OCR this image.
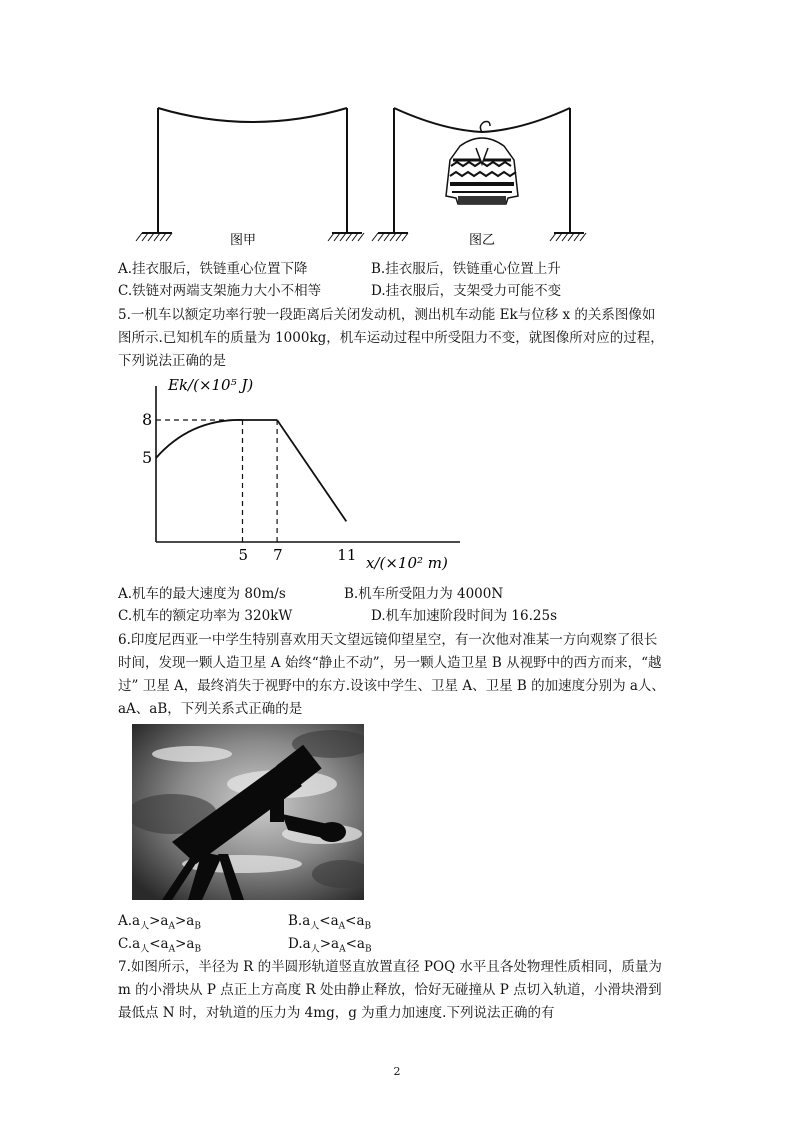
图甲	图乙
A.挂衣服后，铁链重心位置下降	B.挂衣服后，铁链重心位置上升
C.铁链对两端支架施力大小不相等	D.挂衣服后，支架受力可能不变
5.一机车以额定功率行驶一段距离后关闭发动机，测出机车动能 Ek与位移 x 的关系图像如
图所示.已知机车的质量为 1000kg，机车运动过程中所受阻力不变，就图像所对应的过程，
下列说法正确的是
Ek/(×10⁵ J)
x/(×10² m)
8
5
5 7	11
A.机车的最大速度为 80m/s	B.机车所受阻力为 4000N
C.机车的额定功率为 320kW	D.机车加速阶段时间为 16.25s
6.印度尼西亚一中学生特别喜欢用天文望远镜仰望星空，有一次他对准某一方向观察了很长
时间，发现一颗人造卫星 A 始终“静止不动”，另一颗人造卫星 B 从视野中的西方而来，“越
过” 卫星 A，最终消失于视野中的东方.设该中学生、卫星 A、卫星 B 的加速度分别为 a人、
aA、aB，下列关系式正确的是
$A.a_人>a_A>a_B$	$B.a_人<a_A<a_B$
$C.a_人<a_A>a_B$	$D.a_人>a_A<a_B$
7.如图所示，半径为 R 的半圆形轨道竖直放置直径 POQ 水平且各处物理性质相同，质量为
m 的小滑块从 P 点正上方高度 R 处由静止释放，恰好无碰撞从 P 点切入轨道，小滑块滑到
最低点 N 时，对轨道的压力为 4mg，g 为重力加速度.下列说法正确的有
2
